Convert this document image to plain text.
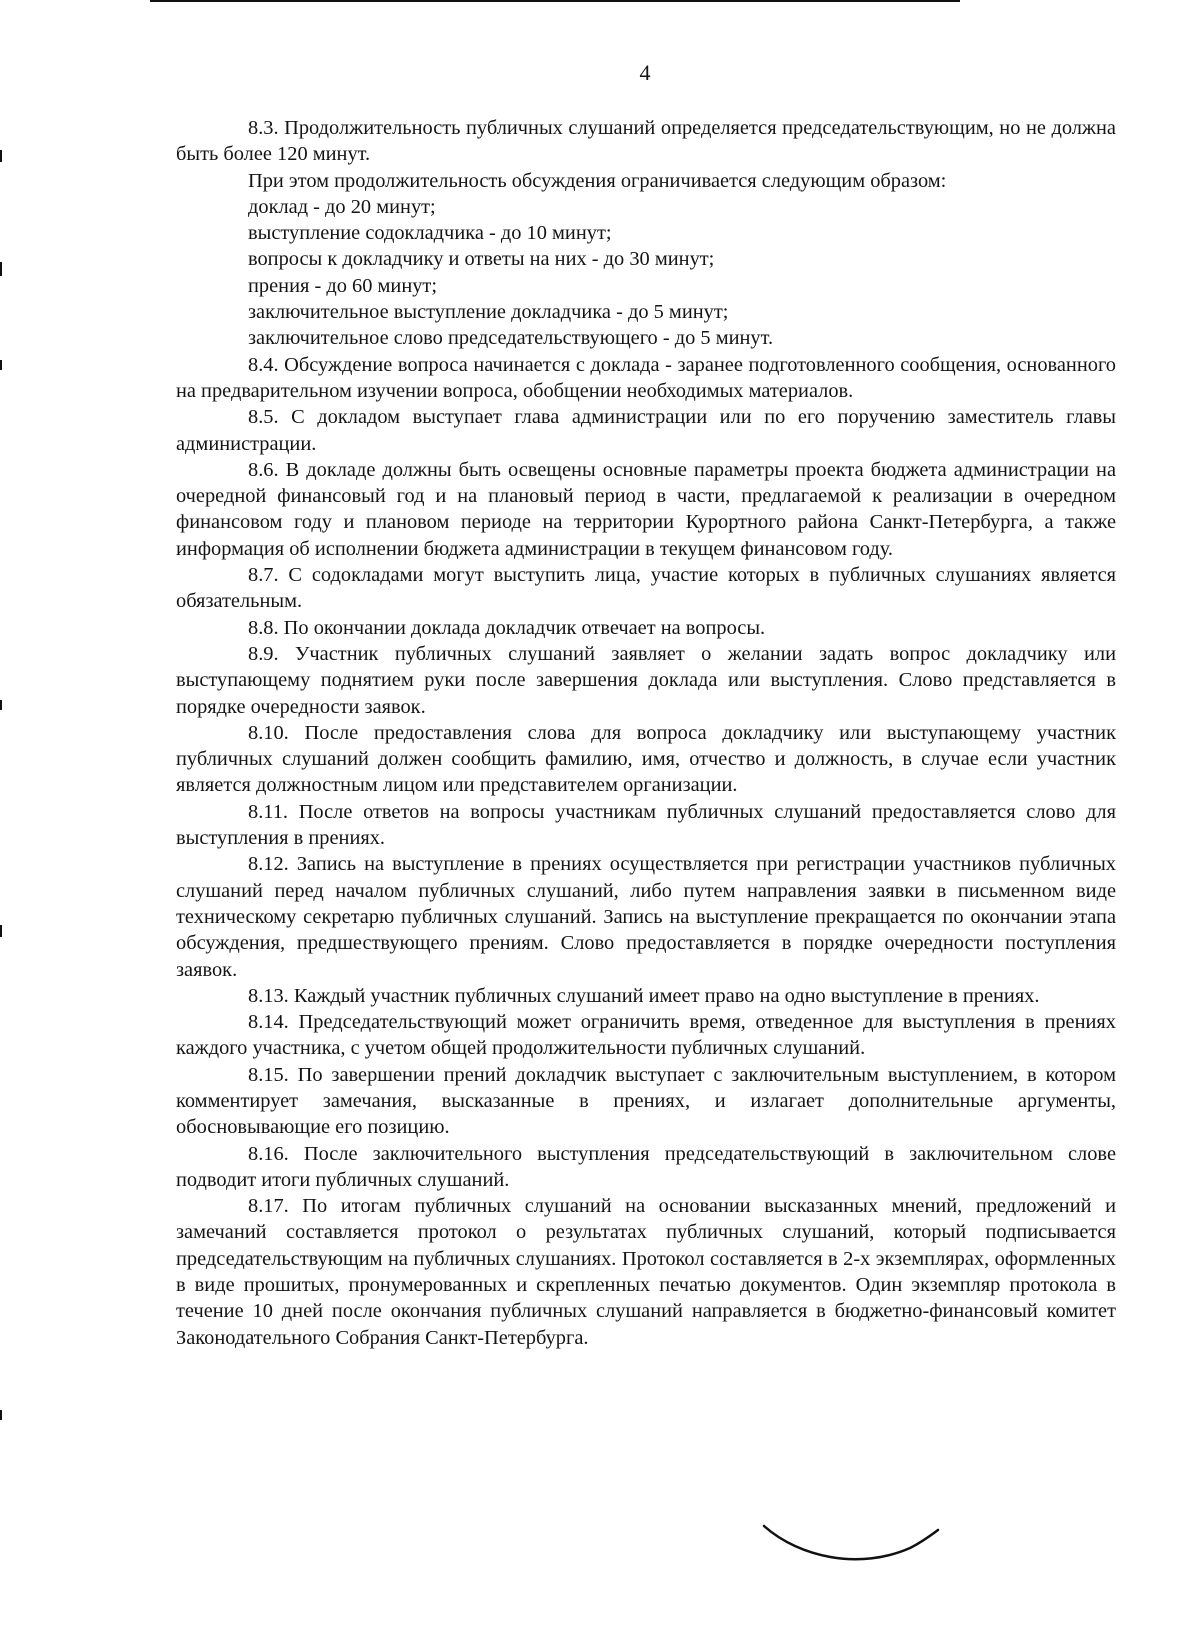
4

8.3. Продолжительность публичных слушаний определяется председательствующим, но не должна быть более 120 минут.

При этом продолжительность обсуждения ограничивается следующим образом:

доклад - до 20 минут;

выступление содокладчика - до 10 минут;

вопросы к докладчику и ответы на них - до 30 минут;

прения - до 60 минут;

заключительное выступление докладчика - до 5 минут;

заключительное слово председательствующего - до 5 минут.

8.4. Обсуждение вопроса начинается с доклада - заранее подготовленного сообщения, основанного на предварительном изучении вопроса, обобщении необходимых материалов.

8.5. С докладом выступает глава администрации или по его поручению заместитель главы администрации.

8.6. В докладе должны быть освещены основные параметры проекта бюджета администрации на очередной финансовый год и на плановый период в части, предлагаемой к реализации в очередном финансовом году и плановом периоде на территории Курортного района Санкт-Петербурга, а также информация об исполнении бюджета администрации в текущем финансовом году.

8.7. С содокладами могут выступить лица, участие которых в публичных слушаниях является обязательным.

8.8. По окончании доклада докладчик отвечает на вопросы.

8.9. Участник публичных слушаний заявляет о желании задать вопрос докладчику или выступающему поднятием руки после завершения доклада или выступления. Слово представляется в порядке очередности заявок.

8.10. После предоставления слова для вопроса докладчику или выступающему участник публичных слушаний должен сообщить фамилию, имя, отчество и должность, в случае если участник является должностным лицом или представителем организации.

8.11. После ответов на вопросы участникам публичных слушаний предоставляется слово для выступления в прениях.

8.12. Запись на выступление в прениях осуществляется при регистрации участников публичных слушаний перед началом публичных слушаний, либо путем направления заявки в письменном виде техническому секретарю публичных слушаний. Запись на выступление прекращается по окончании этапа обсуждения, предшествующего прениям. Слово предоставляется в порядке очередности поступления заявок.

8.13. Каждый участник публичных слушаний имеет право на одно выступление в прениях.

8.14. Председательствующий может ограничить время, отведенное для выступления в прениях каждого участника, с учетом общей продолжительности публичных слушаний.

8.15. По завершении прений докладчик выступает с заключительным выступлением, в котором комментирует замечания, высказанные в прениях, и излагает дополнительные аргументы, обосновывающие его позицию.

8.16. После заключительного выступления председательствующий в заключительном слове подводит итоги публичных слушаний.

8.17. По итогам публичных слушаний на основании высказанных мнений, предложений и замечаний составляется протокол о результатах публичных слушаний, который подписывается председательствующим на публичных слушаниях. Протокол составляется в 2-х экземплярах, оформленных в виде прошитых, пронумерованных и скрепленных печатью документов. Один экземпляр протокола в течение 10 дней после окончания публичных слушаний направляется в бюджетно-финансовый комитет Законодательного Собрания Санкт-Петербурга.
